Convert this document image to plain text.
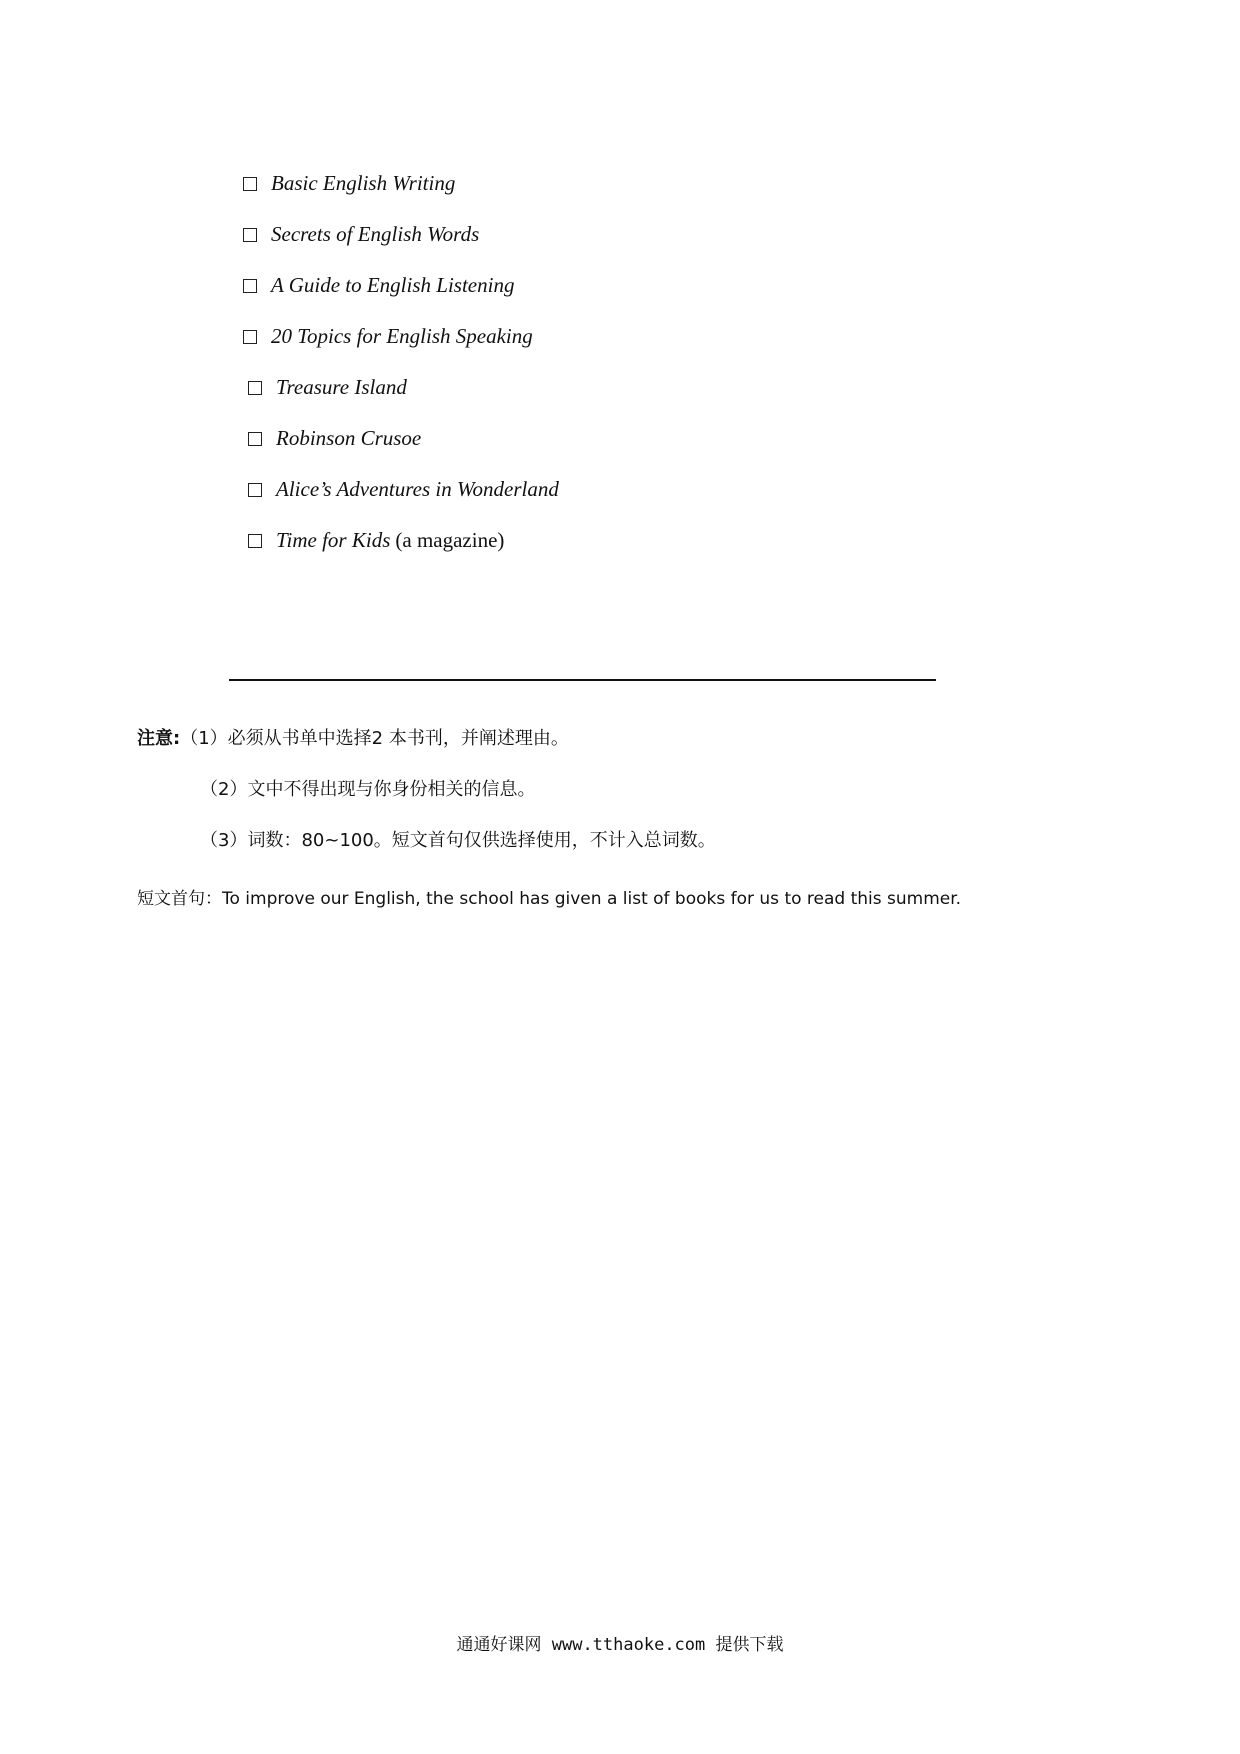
Basic English Writing
Secrets of English Words
A Guide to English Listening
20 Topics for English Speaking
Treasure Island
Robinson Crusoe
Alice’s Adventures in Wonderland
Time for Kids (a magazine)
注意:（1）必须从书单中选择2 本书刊，并阐述理由。
（2）文中不得出现与你身份相关的信息。
（3）词数：80~100。短文首句仅供选择使用，不计入总词数。
短文首句：To improve our English, the school has given a list of books for us to read this summer.
通通好课网 www.tthaoke.com 提供下载
